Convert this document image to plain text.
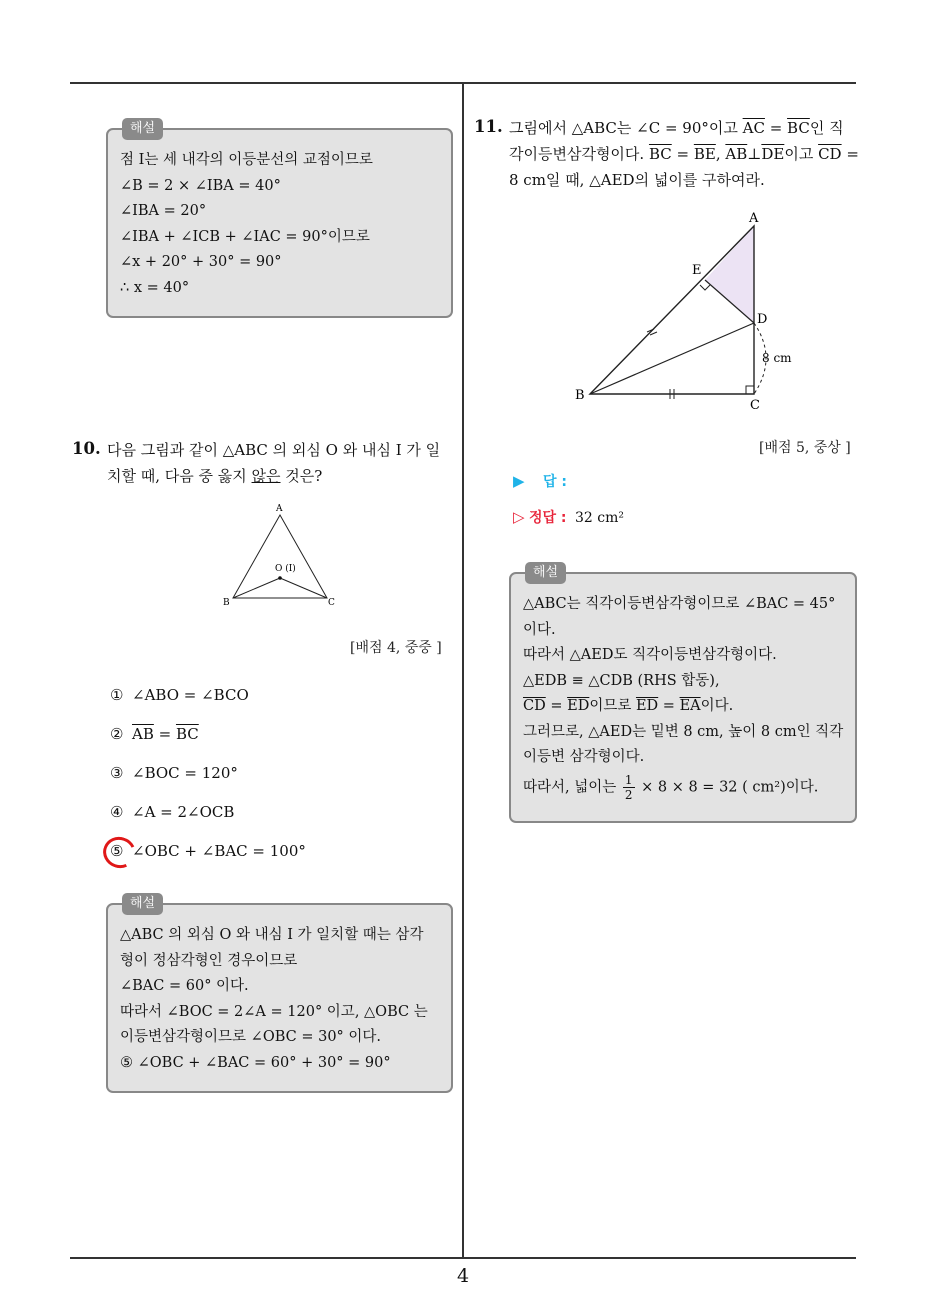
4
해설
점 I는 세 내각의 이등분선의 교점이므로
∠B = 2 × ∠IBA = 40°
∠IBA = 20°
∠IBA + ∠ICB + ∠IAC = 90°이므로
∠x + 20° + 30° = 90°
∴ x = 40°
10. 다음 그림과 같이 △ABC 의 외심 O 와 내심 I 가 일
치할 때, 다음 중 옳지 않은 것은?
A
B	C
O (I)
[배점 4, 중중 ]
① ∠ABO = ∠BCO
② $\overline{AB} = \overline{BC}$
③ ∠BOC = 120°
④ ∠A = 2∠OCB
⑤ ∠OBC + ∠BAC = 100°
해설
△ABC 의 외심 O 와 내심 I 가 일치할 때는 삼각
형이 정삼각형인 경우이므로
∠BAC = 60° 이다.
따라서 ∠BOC = 2∠A = 120° 이고, △OBC 는
이등변삼각형이므로 ∠OBC = 30° 이다.
⑤ ∠OBC + ∠BAC = 60° + 30° = 90°
11. 그림에서 △ABC는 ∠C = 90°이고 $\overline{AC} = \overline{BC}$인 직
각이등변삼각형이다. $\overline{BC} = \overline{BE}$, $\overline{AB}\perp\overline{DE}$이고 $\overline{CD}$ =
8 cm일 때, △AED의 넓이를 구하여라.
A
E
D
B
C
8 cm
[배점 5, 중상 ]
▶ 답 :
▷ 정답 : 32 cm²
해설
△ABC는 직각이등변삼각형이므로 ∠BAC = 45°
이다.
따라서 △AED도 직각이등변삼각형이다.
△EDB ≡ △CDB (RHS 합동),
$\overline{CD} = \overline{ED}$이므로 $\overline{ED} = \overline{EA}$이다.
그러므로, △AED는 밑변 8 cm, 높이 8 cm인 직각
이등변 삼각형이다.
따라서, 넓이는 $\frac{1}{2} \times 8 \times 8 = 32$ ( cm²)이다.
